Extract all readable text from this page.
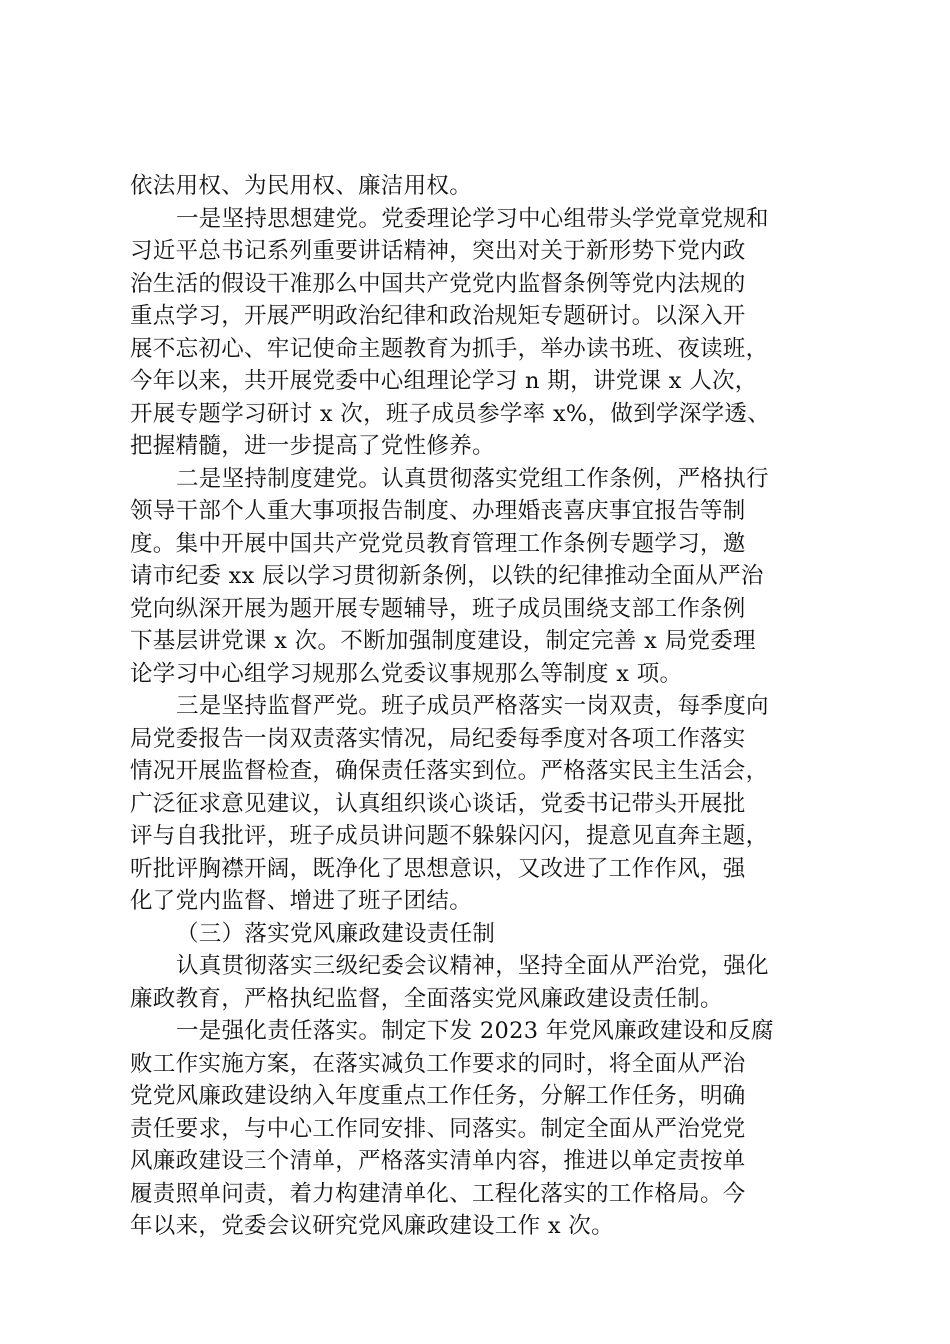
依法用权、为民用权、廉洁用权。
一是坚持思想建党。党委理论学习中心组带头学党章党规和
习近平总书记系列重要讲话精神，突出对关于新形势下党内政
治生活的假设干准那么中国共产党党内监督条例等党内法规的
重点学习，开展严明政治纪律和政治规矩专题研讨。以深入开
展不忘初心、牢记使命主题教育为抓手，举办读书班、夜读班，
今年以来，共开展党委中心组理论学习 n 期，讲党课 x 人次，
开展专题学习研讨 x 次，班子成员参学率 x%，做到学深学透、
把握精髓，进一步提高了党性修养。
二是坚持制度建党。认真贯彻落实党组工作条例，严格执行
领导干部个人重大事项报告制度、办理婚丧喜庆事宜报告等制
度。集中开展中国共产党党员教育管理工作条例专题学习，邀
请市纪委 xx 辰以学习贯彻新条例，以铁的纪律推动全面从严治
党向纵深开展为题开展专题辅导，班子成员围绕支部工作条例
下基层讲党课 x 次。不断加强制度建设，制定完善 x 局党委理
论学习中心组学习规那么党委议事规那么等制度 x 项。
三是坚持监督严党。班子成员严格落实一岗双责，每季度向
局党委报告一岗双责落实情况，局纪委每季度对各项工作落实
情况开展监督检查，确保责任落实到位。严格落实民主生活会，
广泛征求意见建议，认真组织谈心谈话，党委书记带头开展批
评与自我批评，班子成员讲问题不躲躲闪闪，提意见直奔主题，
听批评胸襟开阔，既净化了思想意识，又改进了工作作风，强
化了党内监督、增进了班子团结。
（三）落实党风廉政建设责任制
认真贯彻落实三级纪委会议精神，坚持全面从严治党，强化
廉政教育，严格执纪监督，全面落实党风廉政建设责任制。
一是强化责任落实。制定下发 2023 年党风廉政建设和反腐
败工作实施方案，在落实减负工作要求的同时，将全面从严治
党党风廉政建设纳入年度重点工作任务，分解工作任务，明确
责任要求，与中心工作同安排、同落实。制定全面从严治党党
风廉政建设三个清单，严格落实清单内容，推进以单定责按单
履责照单问责，着力构建清单化、工程化落实的工作格局。今
年以来，党委会议研究党风廉政建设工作 x 次。
